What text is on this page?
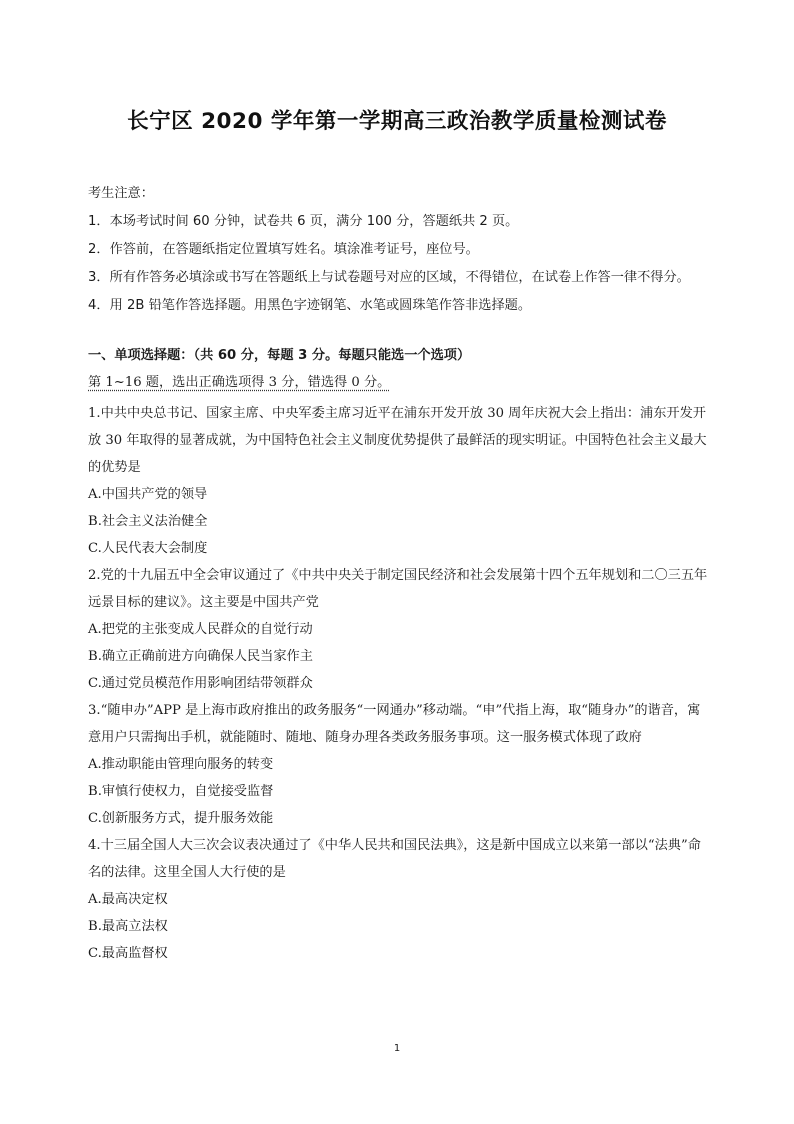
长宁区 2020 学年第一学期高三政治教学质量检测试卷
考生注意：
1．本场考试时间 60 分钟，试卷共 6 页，满分 100 分，答题纸共 2 页。
2．作答前，在答题纸指定位置填写姓名。填涂准考证号，座位号。
3．所有作答务必填涂或书写在答题纸上与试卷题号对应的区域，不得错位，在试卷上作答一律不得分。
4．用 2B 铅笔作答选择题。用黑色字迹钢笔、水笔或圆珠笔作答非选择题。
一、单项选择题：（共 60 分，每题 3 分。每题只能选一个选项）
第 1~16 题，选出正确选项得 3 分，错选得 0 分。

1.中共中央总书记、国家主席、中央军委主席习近平在浦东开发开放 30 周年庆祝大会上指出：浦东开发开放 30 年取得的显著成就，为中国特色社会主义制度优势提供了最鲜活的现实明证。中国特色社会主义最大的优势是

A.中国共产党的领导

B.社会主义法治健全

C.人民代表大会制度

2.党的十九届五中全会审议通过了《中共中央关于制定国民经济和社会发展第十四个五年规划和二〇三五年远景目标的建议》。这主要是中国共产党

A.把党的主张变成人民群众的自觉行动

B.确立正确前进方向确保人民当家作主

C.通过党员模范作用影响团结带领群众

3.“随申办”APP 是上海市政府推出的政务服务“一网通办”移动端。“申”代指上海，取“随身办”的谐音，寓意用户只需掏出手机，就能随时、随地、随身办理各类政务服务事项。这一服务模式体现了政府

A.推动职能由管理向服务的转变

B.审慎行使权力，自觉接受监督

C.创新服务方式，提升服务效能

4.十三届全国人大三次会议表决通过了《中华人民共和国民法典》，这是新中国成立以来第一部以“法典”命名的法律。这里全国人大行使的是

A.最高决定权

B.最高立法权

C.最高监督权

1
